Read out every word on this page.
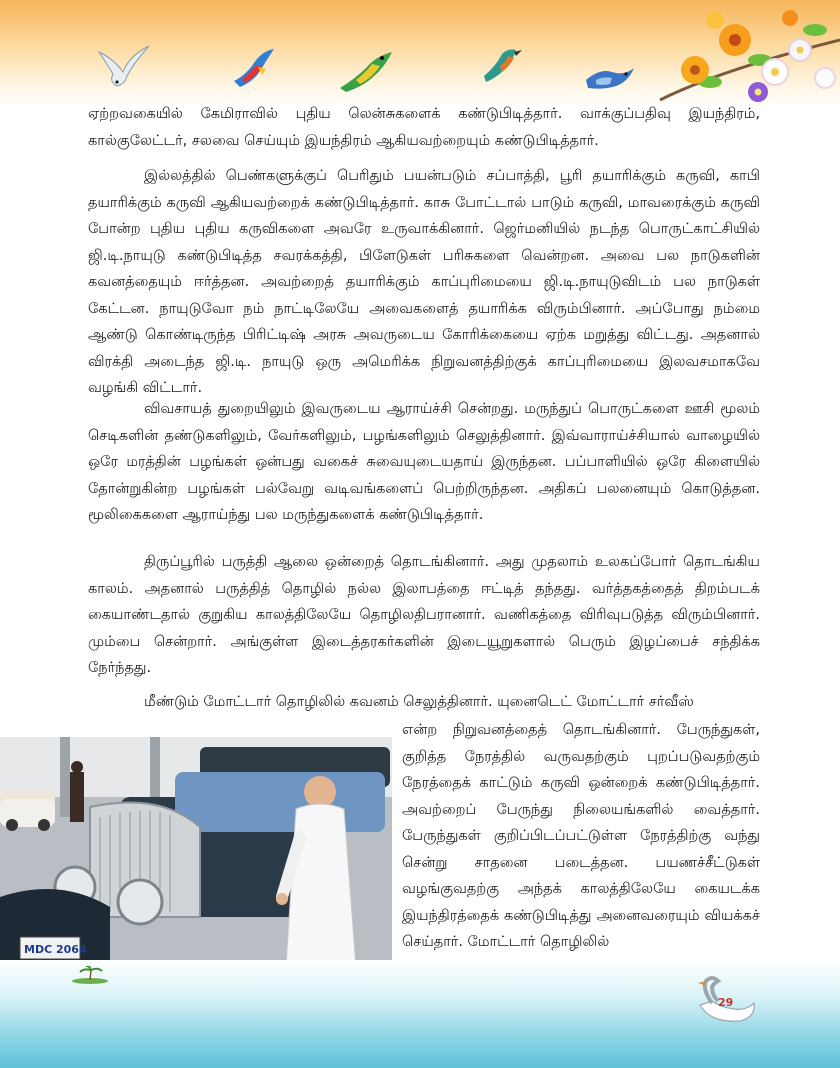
ஏற்றவகையில் கேமிராவில் புதிய லென்சுகளைக் கண்டுபிடித்தார். வாக்குப்பதிவு இயந்திரம், கால்குலேட்டர், சலவை செய்யும் இயந்திரம் ஆகியவற்றையும் கண்டுபிடித்தார்.

இல்லத்தில் பெண்களுக்குப் பெரிதும் பயன்படும் சப்பாத்தி, பூரி தயாரிக்கும் கருவி, காபி தயாரிக்கும் கருவி ஆகியவற்றைக் கண்டுபிடித்தார். காசு போட்டால் பாடும் கருவி, மாவரைக்கும் கருவி போன்ற புதிய புதிய கருவிகளை அவரே உருவாக்கினார். ஜெர்மனியில் நடந்த பொருட்காட்சியில் ஜி.டி.நாயுடு கண்டுபிடித்த சவரக்கத்தி, பிளேடுகள் பரிசுகளை வென்றன. அவை பல நாடுகளின் கவனத்தையும் ஈர்த்தன. அவற்றைத் தயாரிக்கும் காப்புரிமையை ஜி.டி.நாயுடுவிடம் பல நாடுகள் கேட்டன. நாயுடுவோ நம் நாட்டிலேயே அவைகளைத் தயாரிக்க விரும்பினார். அப்போது நம்மை ஆண்டு கொண்டிருந்த பிரிட்டிஷ் அரசு அவருடைய கோரிக்கையை ஏற்க மறுத்து விட்டது. அதனால் விரக்தி அடைந்த ஜி.டி. நாயுடு ஒரு அமெரிக்க நிறுவனத்திற்குக் காப்புரிமையை இலவசமாகவே வழங்கி விட்டார்.

விவசாயத் துறையிலும் இவருடைய ஆராய்ச்சி சென்றது. மருந்துப் பொருட்களை ஊசி மூலம் செடிகளின் தண்டுகளிலும், வேர்களிலும், பழங்களிலும் செலுத்தினார். இவ்வாராய்ச்சியால் வாழையில் ஒரே மரத்தின் பழங்கள் ஒன்பது வகைச் சுவையுடையதாய் இருந்தன. பப்பாளியில் ஒரே கிளையில் தோன்றுகின்ற பழங்கள் பல்வேறு வடிவங்களைப் பெற்றிருந்தன. அதிகப் பலனையும் கொடுத்தன. மூலிகைகளை ஆராய்ந்து பல மருந்துகளைக் கண்டுபிடித்தார்.

திருப்பூரில் பருத்தி ஆலை ஒன்றைத் தொடங்கினார். அது முதலாம் உலகப்போர் தொடங்கிய காலம். அதனால் பருத்தித் தொழில் நல்ல இலாபத்தை ஈட்டித் தந்தது. வர்த்தகத்தைத் திறம்படக் கையாண்டதால் குறுகிய காலத்திலேயே தொழிலதிபரானார். வணிகத்தை விரிவுபடுத்த விரும்பினார். மும்பை சென்றார். அங்குள்ள இடைத்தரகர்களின் இடையூறுகளால் பெரும் இழப்பைச் சந்திக்க நேர்ந்தது.

மீண்டும் மோட்டார் தொழிலில் கவனம் செலுத்தினார். யுனைடெட் மோட்டார் சர்வீஸ்

என்ற நிறுவனத்தைத் தொடங்கினார். பேருந்துகள், குறித்த நேரத்தில் வருவதற்கும் புறப்படுவதற்கும் நேரத்தைக் காட்டும் கருவி ஒன்றைக் கண்டுபிடித்தார். அவற்றைப் பேருந்து நிலையங்களில் வைத்தார். பேருந்துகள் குறிப்பிடப்பட்டுள்ள நேரத்திற்கு வந்து சென்று சாதனை படைத்தன. பயணச்சீட்டுகள் வழங்குவதற்கு அந்தக் காலத்திலேயே கையடக்க இயந்திரத்தைக் கண்டுபிடித்து அனைவரையும் வியக்கச் செய்தார். மோட்டார் தொழிலில்

MDC 2064
29
